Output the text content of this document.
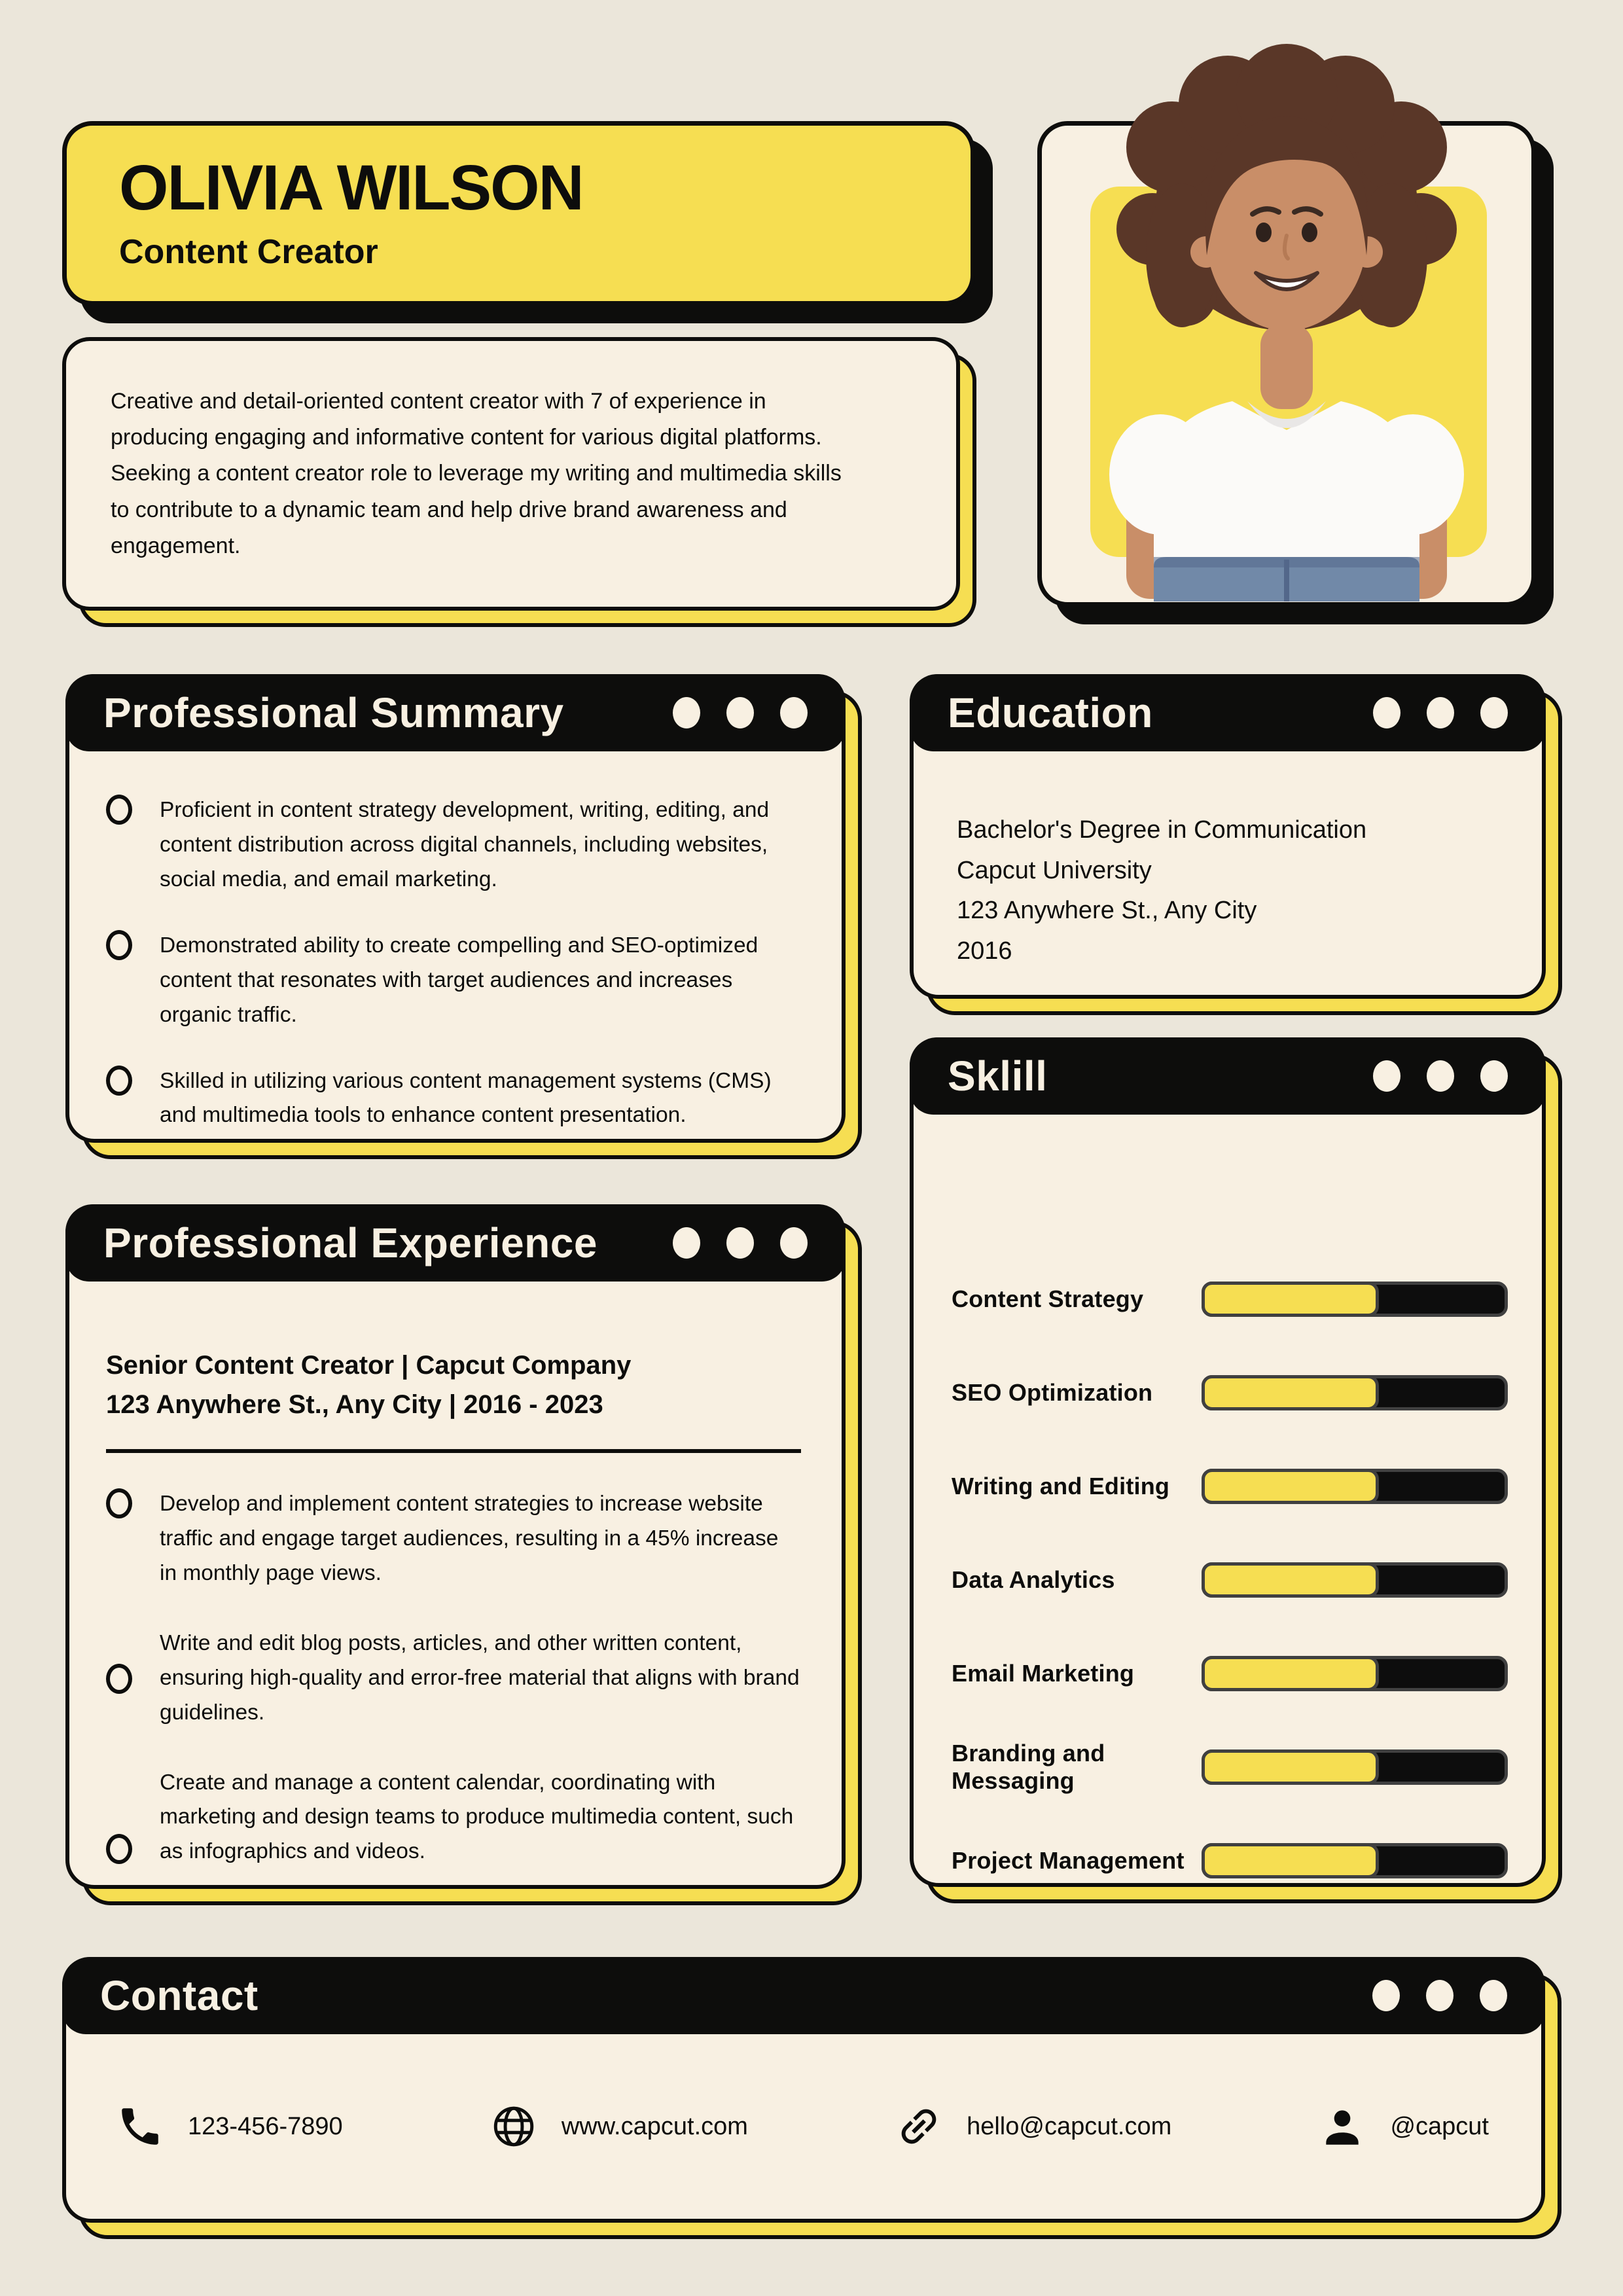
OLIVIA WILSON
Content Creator

Creative and detail-oriented content creator with 7 of experience in producing engaging and informative content for various digital platforms. Seeking a content creator role to leverage my writing and multimedia skills to contribute to a dynamic team and help drive brand awareness and engagement.

Professional Summary
Proficient in content strategy development, writing, editing, and content distribution across digital channels, including websites, social media, and email marketing.
Demonstrated ability to create compelling and SEO-optimized content that resonates with target audiences and increases organic traffic.
Skilled in utilizing various content management systems (CMS) and multimedia tools to enhance content presentation.
Education
Bachelor's Degree in Communication
Capcut University
123 Anywhere St., Any City
2016
Sklill
Content Strategy
SEO Optimization
Writing and Editing
Data Analytics
Email Marketing
Branding and Messaging
Project Management
Professional Experience
Senior Content Creator | Capcut Company
123 Anywhere St., Any City | 2016 - 2023
Develop and implement content strategies to increase website traffic and engage target audiences, resulting in a 45% increase in monthly page views.
Write and edit blog posts, articles, and other written content, ensuring high-quality and error-free material that aligns with brand guidelines.
Create and manage a content calendar, coordinating with marketing and design teams to produce multimedia content, such as infographics and videos.
Contact
123-456-7890	www.capcut.com	hello@capcut.com	@capcut
